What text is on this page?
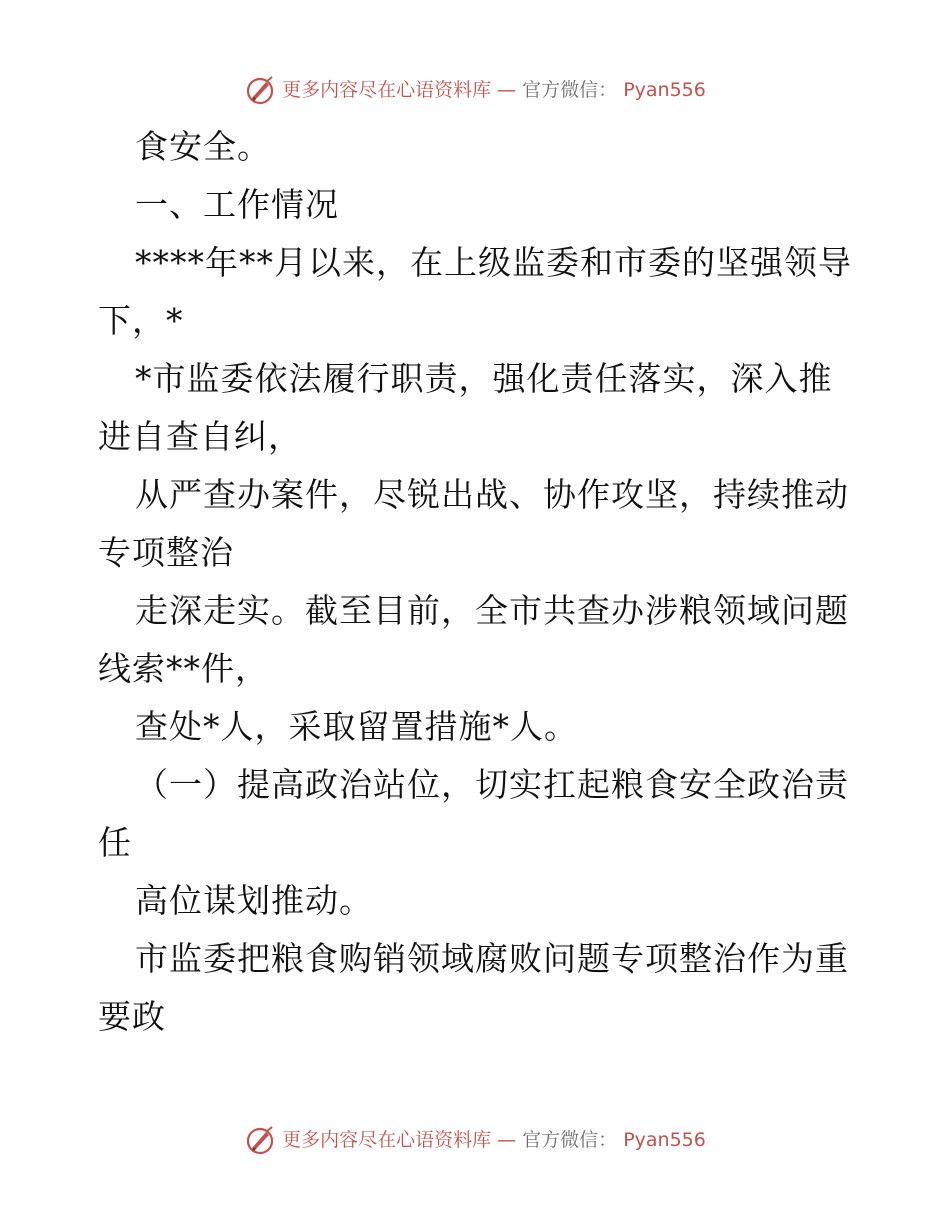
更多内容尽在心语资料库 — 官方微信： Pyan556
食安全。
一、工作情况
****年**月以来，在上级监委和市委的坚强领导
下，*
*市监委依法履行职责，强化责任落实，深入推
进自查自纠，
从严查办案件，尽锐出战、协作攻坚，持续推动
专项整治
走深走实。截至目前，全市共查办涉粮领域问题
线索**件，
查处*人，采取留置措施*人。
（一）提高政治站位，切实扛起粮食安全政治责
任
高位谋划推动。
市监委把粮食购销领域腐败问题专项整治作为重
要政
更多内容尽在心语资料库 — 官方微信： Pyan556
